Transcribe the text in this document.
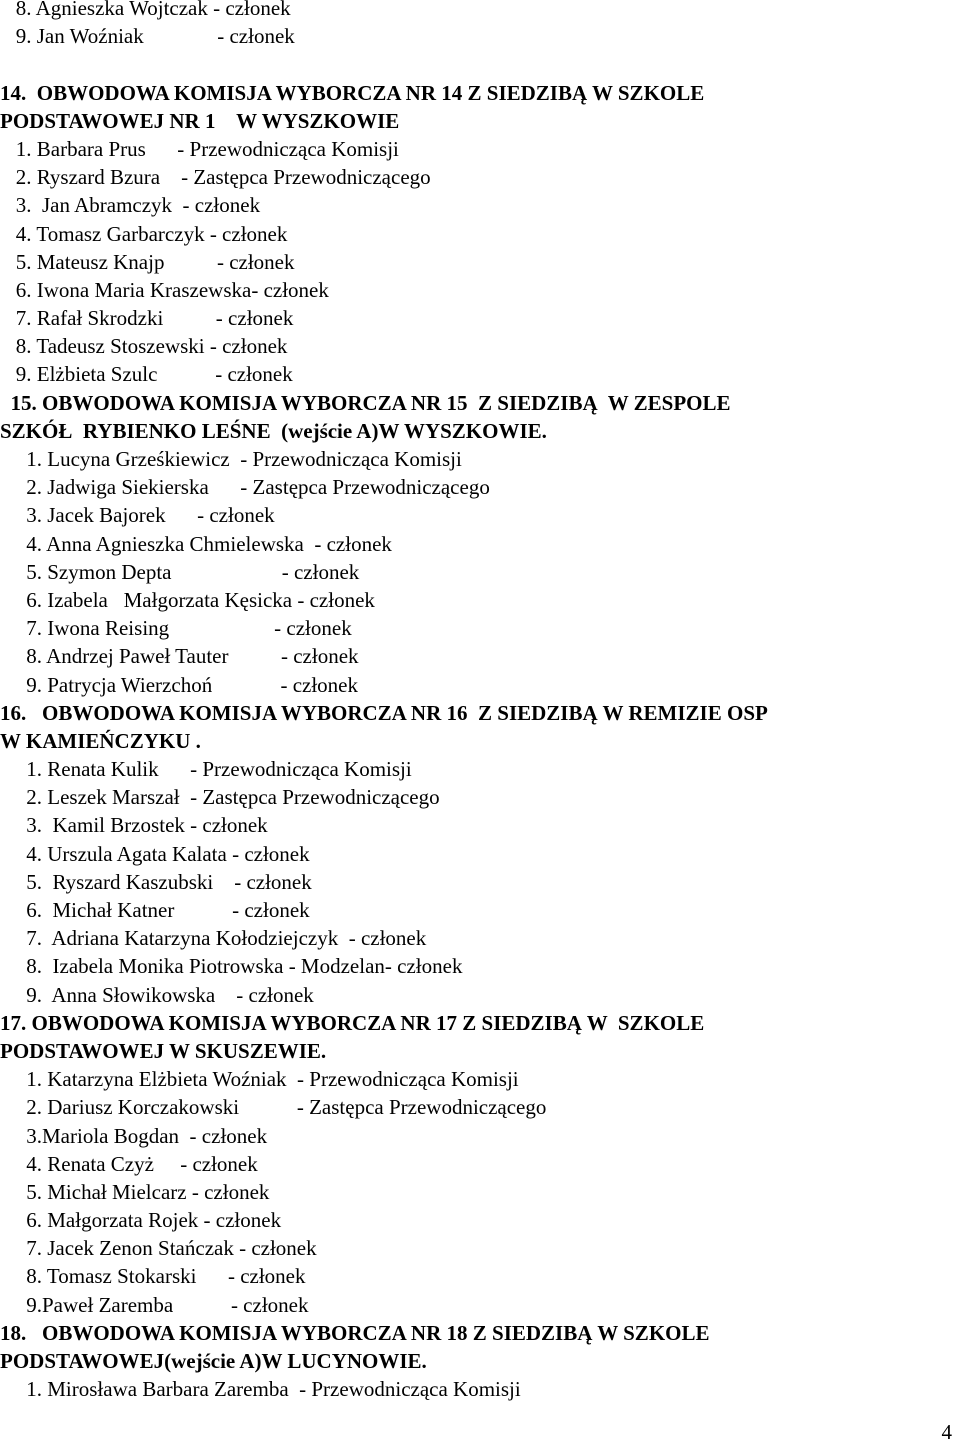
8. Agnieszka Wojtczak - członek
9. Jan Woźniak              - członek
14.  OBWODOWA KOMISJA WYBORCZA NR 14 Z SIEDZIBĄ W SZKOLE
PODSTAWOWEJ NR 1    W WYSZKOWIE
1. Barbara Prus      - Przewodnicząca Komisji
2. Ryszard Bzura    - Zastępca Przewodniczącego
3.  Jan Abramczyk  - członek
4. Tomasz Garbarczyk - członek
5. Mateusz Knajp          - członek
6. Iwona Maria Kraszewska- członek
7. Rafał Skrodzki          - członek
8. Tadeusz Stoszewski - członek
9. Elżbieta Szulc           - członek
15. OBWODOWA KOMISJA WYBORCZA NR 15  Z SIEDZIBĄ  W ZESPOLE
SZKÓŁ  RYBIENKO LEŚNE  (wejście A)W WYSZKOWIE.
1. Lucyna Grześkiewicz  - Przewodnicząca Komisji
2. Jadwiga Siekierska      - Zastępca Przewodniczącego
3. Jacek Bajorek      - członek
4. Anna Agnieszka Chmielewska  - członek
5. Szymon Depta                     - członek
6. Izabela   Małgorzata Kęsicka - członek
7. Iwona Reising                    - członek
8. Andrzej Paweł Tauter          - członek
9. Patrycja Wierzchoń             - członek
16.   OBWODOWA KOMISJA WYBORCZA NR 16  Z SIEDZIBĄ W REMIZIE OSP
W KAMIEŃCZYKU .
1. Renata Kulik      - Przewodnicząca Komisji
2. Leszek Marszał  - Zastępca Przewodniczącego
3.  Kamil Brzostek - członek
4. Urszula Agata Kalata - członek
5.  Ryszard Kaszubski    - członek
6.  Michał Katner           - członek
7.  Adriana Katarzyna Kołodziejczyk  - członek
8.  Izabela Monika Piotrowska - Modzelan- członek
9.  Anna Słowikowska    - członek
17. OBWODOWA KOMISJA WYBORCZA NR 17 Z SIEDZIBĄ W  SZKOLE
PODSTAWOWEJ W SKUSZEWIE.
1. Katarzyna Elżbieta Woźniak  - Przewodnicząca Komisji
2. Dariusz Korczakowski           - Zastępca Przewodniczącego
3.Mariola Bogdan  - członek
4. Renata Czyż     - członek
5. Michał Mielcarz - członek
6. Małgorzata Rojek - członek
7. Jacek Zenon Stańczak - członek
8. Tomasz Stokarski      - członek
9.Paweł Zaremba           - członek
18.   OBWODOWA KOMISJA WYBORCZA NR 18 Z SIEDZIBĄ W SZKOLE
PODSTAWOWEJ(wejście A)W LUCYNOWIE.
1. Mirosława Barbara Zaremba  - Przewodnicząca Komisji
4
